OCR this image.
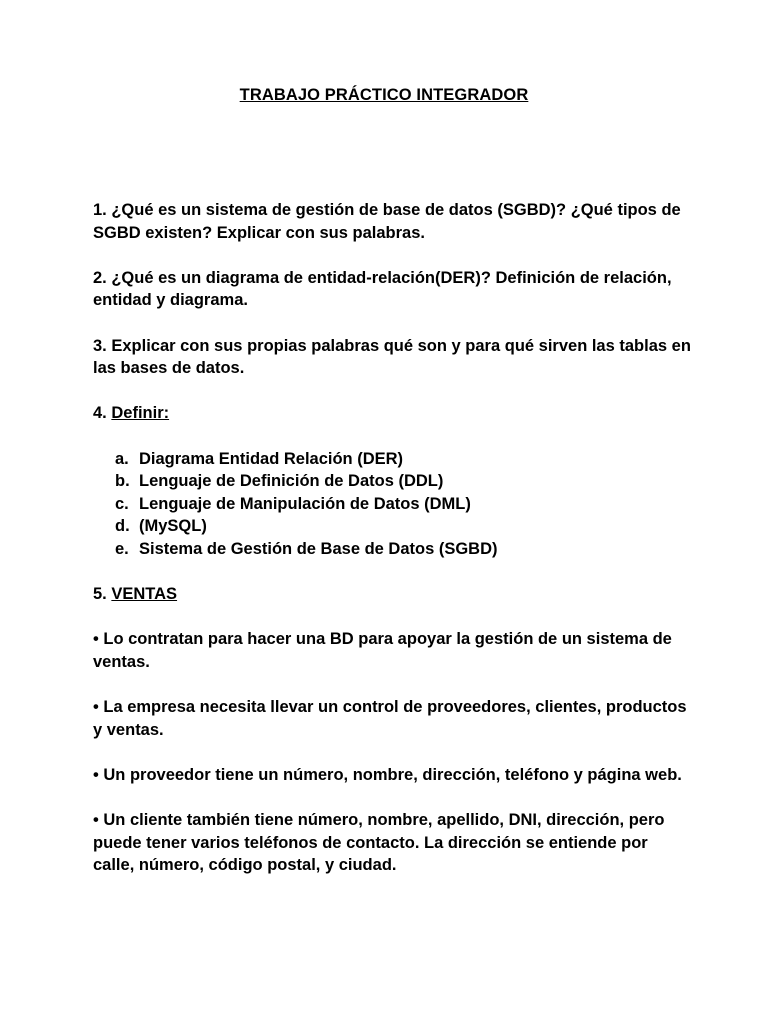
TRABAJO PRÁCTICO INTEGRADOR

1. ¿Qué es un sistema de gestión de base de datos (SGBD)? ¿Qué tipos de SGBD existen? Explicar con sus palabras.

2. ¿Qué es un diagrama de entidad-relación(DER)? Definición de relación, entidad y diagrama.

3. Explicar con sus propias palabras qué son y para qué sirven las tablas en las bases de datos.

4. Definir:

a. Diagrama Entidad Relación (DER)
b. Lenguaje de Definición de Datos (DDL)
c. Lenguaje de Manipulación de Datos (DML)
d. (MySQL)
e. Sistema de Gestión de Base de Datos (SGBD)

5. VENTAS

• Lo contratan para hacer una BD para apoyar la gestión de un sistema de ventas.

• La empresa necesita llevar un control de proveedores, clientes, productos y ventas.

• Un proveedor tiene un número, nombre, dirección, teléfono y página web.

• Un cliente también tiene número, nombre, apellido, DNI, dirección, pero puede tener varios teléfonos de contacto. La dirección se entiende por calle, número, código postal, y ciudad.
